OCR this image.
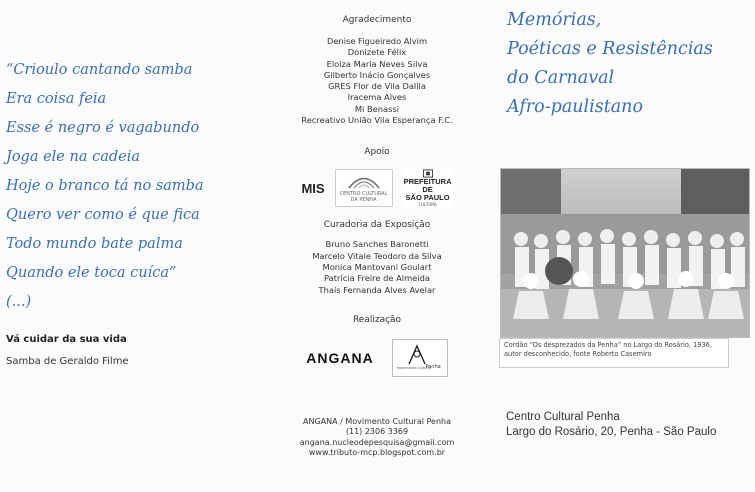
“Crioulo cantando samba
Era coisa feia
Esse é negro é vagabundo
Joga ele na cadeia
Hoje o branco tá no samba
Quero ver como é que fica
Todo mundo bate palma
Quando ele toca cuíca”
(...)
Vá cuidar da sua vida
Samba de Geraldo Filme
Agradecimento
Denise Figueiredo Alvim
Donizete Félix
Eloiza Maria Neves Silva
Gilberto Inácio Gonçalves
GRES Flor de Vila Dalila
Iracema Alves
Mi Benassi
Recreativo União Vila Esperança F.C.
Apoio
MIS	CENTRO CULTURAL DA PENHA
PREFEITURA DE
SÃO PAULO
CULTURA
Curadoria da Exposição
Bruno Sanches Baronetti
Marcelo Vitale Teodoro da Silva
Monica Mantovani Goulart
Patrícia Freire de Almeida
Thaís Fernanda Alves Avelar
Realização
ANGANA
Penha
movimento cultural
ANGANA / Movimento Cultural Penha
(11) 2306 3369
angana.nucleodepesquisa@gmail.com
www.tributo-mcp.blogspot.com.br
Memórias,
Poéticas e Resistências
do Carnaval
Afro-paulistano
Cordão “Os desprezados da Penha” no Largo do Rosário, 1936, autor desconhecido, fonte Roberto Casemiro
Centro Cultural Penha
Largo do Rosário, 20, Penha - São Paulo
